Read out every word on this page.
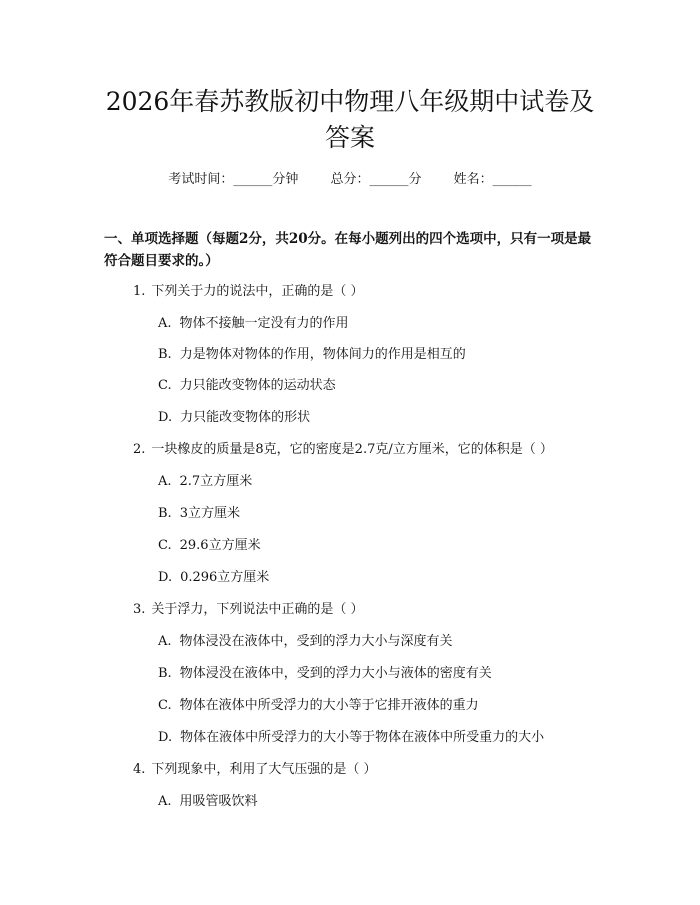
2026年春苏教版初中物理八年级期中试卷及
答案
考试时间：______分钟 总分：______分 姓名：______

一、单项选择题（每题2分，共20分。在每小题列出的四个选项中，只有一项是最符合题目要求的。）

1. 下列关于力的说法中，正确的是（ ）
A. 物体不接触一定没有力的作用
B. 力是物体对物体的作用，物体间力的作用是相互的
C. 力只能改变物体的运动状态
D. 力只能改变物体的形状
2. 一块橡皮的质量是8克，它的密度是2.7克/立方厘米，它的体积是（ ）
A. 2.7立方厘米
B. 3立方厘米
C. 29.6立方厘米
D. 0.296立方厘米
3. 关于浮力，下列说法中正确的是（ ）
A. 物体浸没在液体中，受到的浮力大小与深度有关
B. 物体浸没在液体中，受到的浮力大小与液体的密度有关
C. 物体在液体中所受浮力的大小等于它排开液体的重力
D. 物体在液体中所受浮力的大小等于物体在液体中所受重力的大小
4. 下列现象中，利用了大气压强的是（ ）
A. 用吸管吸饮料
